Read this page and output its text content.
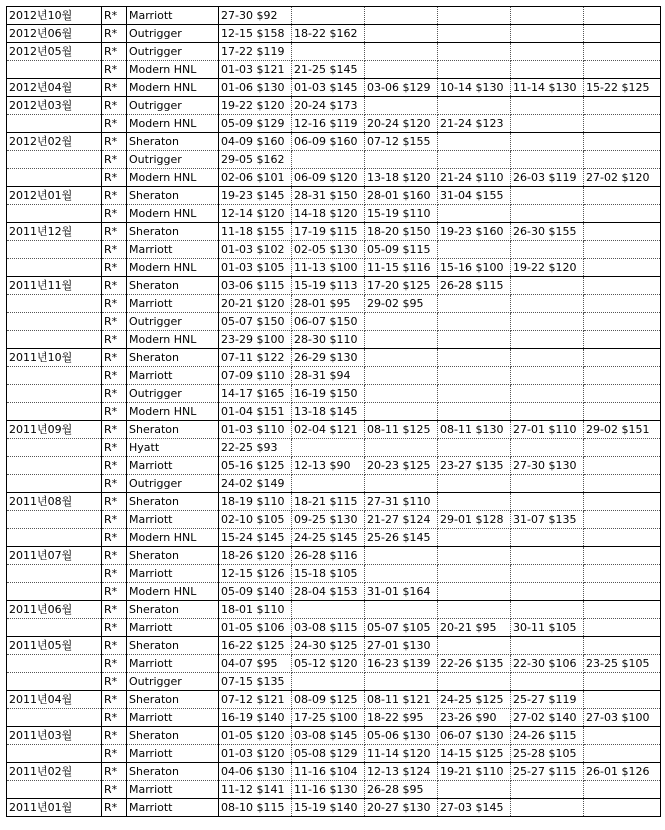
2012년10월	R*	Marriott	27-30 $92					
2012년06월	R*	Outrigger	12-15 $158	18-22 $162				
2012년05월	R*	Outrigger	17-22 $119					
	R*	Modern HNL	01-03 $121	21-25 $145				
2012년04월	R*	Modern HNL	01-06 $130	01-03 $145	03-06 $129	10-14 $130	11-14 $130	15-22 $125
2012년03월	R*	Outrigger	19-22 $120	20-24 $173				
	R*	Modern HNL	05-09 $129	12-16 $119	20-24 $120	21-24 $123		
2012년02월	R*	Sheraton	04-09 $160	06-09 $160	07-12 $155			
	R*	Outrigger	29-05 $162					
	R*	Modern HNL	02-06 $101	06-09 $120	13-18 $120	21-24 $110	26-03 $119	27-02 $120
2012년01월	R*	Sheraton	19-23 $145	28-31 $150	28-01 $160	31-04 $155		
	R*	Modern HNL	12-14 $120	14-18 $120	15-19 $110			
2011년12월	R*	Sheraton	11-18 $155	17-19 $115	18-20 $150	19-23 $160	26-30 $155	
	R*	Marriott	01-03 $102	02-05 $130	05-09 $115			
	R*	Modern HNL	01-03 $105	11-13 $100	11-15 $116	15-16 $100	19-22 $120	
2011년11월	R*	Sheraton	03-06 $115	15-19 $113	17-20 $125	26-28 $115		
	R*	Marriott	20-21 $120	28-01 $95	29-02 $95			
	R*	Outrigger	05-07 $150	06-07 $150				
	R*	Modern HNL	23-29 $100	28-30 $110				
2011년10월	R*	Sheraton	07-11 $122	26-29 $130				
	R*	Marriott	07-09 $110	28-31 $94				
	R*	Outrigger	14-17 $165	16-19 $150				
	R*	Modern HNL	01-04 $151	13-18 $145				
2011년09월	R*	Sheraton	01-03 $110	02-04 $121	08-11 $125	08-11 $130	27-01 $110	29-02 $151
	R*	Hyatt	22-25 $93					
	R*	Marriott	05-16 $125	12-13 $90	20-23 $125	23-27 $135	27-30 $130	
	R*	Outrigger	24-02 $149					
2011년08월	R*	Sheraton	18-19 $110	18-21 $115	27-31 $110			
	R*	Marriott	02-10 $105	09-25 $130	21-27 $124	29-01 $128	31-07 $135	
	R*	Modern HNL	15-24 $145	24-25 $145	25-26 $145			
2011년07월	R*	Sheraton	18-26 $120	26-28 $116				
	R*	Marriott	12-15 $126	15-18 $105				
	R*	Modern HNL	05-09 $140	28-04 $153	31-01 $164			
2011년06월	R*	Sheraton	18-01 $110					
	R*	Marriott	01-05 $106	03-08 $115	05-07 $105	20-21 $95	30-11 $105	
2011년05월	R*	Sheraton	16-22 $125	24-30 $125	27-01 $130			
	R*	Marriott	04-07 $95	05-12 $120	16-23 $139	22-26 $135	22-30 $106	23-25 $105
	R*	Outrigger	07-15 $135					
2011년04월	R*	Sheraton	07-12 $121	08-09 $125	08-11 $121	24-25 $125	25-27 $119	
	R*	Marriott	16-19 $140	17-25 $100	18-22 $95	23-26 $90	27-02 $140	27-03 $100
2011년03월	R*	Sheraton	01-05 $120	03-08 $145	05-06 $130	06-07 $130	24-26 $115	
	R*	Marriott	01-03 $120	05-08 $129	11-14 $120	14-15 $125	25-28 $105	
2011년02월	R*	Sheraton	04-06 $130	11-16 $104	12-13 $124	19-21 $110	25-27 $115	26-01 $126
	R*	Marriott	11-12 $141	11-16 $130	26-28 $95			
2011년01월	R*	Marriott	08-10 $115	15-19 $140	20-27 $130	27-03 $145		
